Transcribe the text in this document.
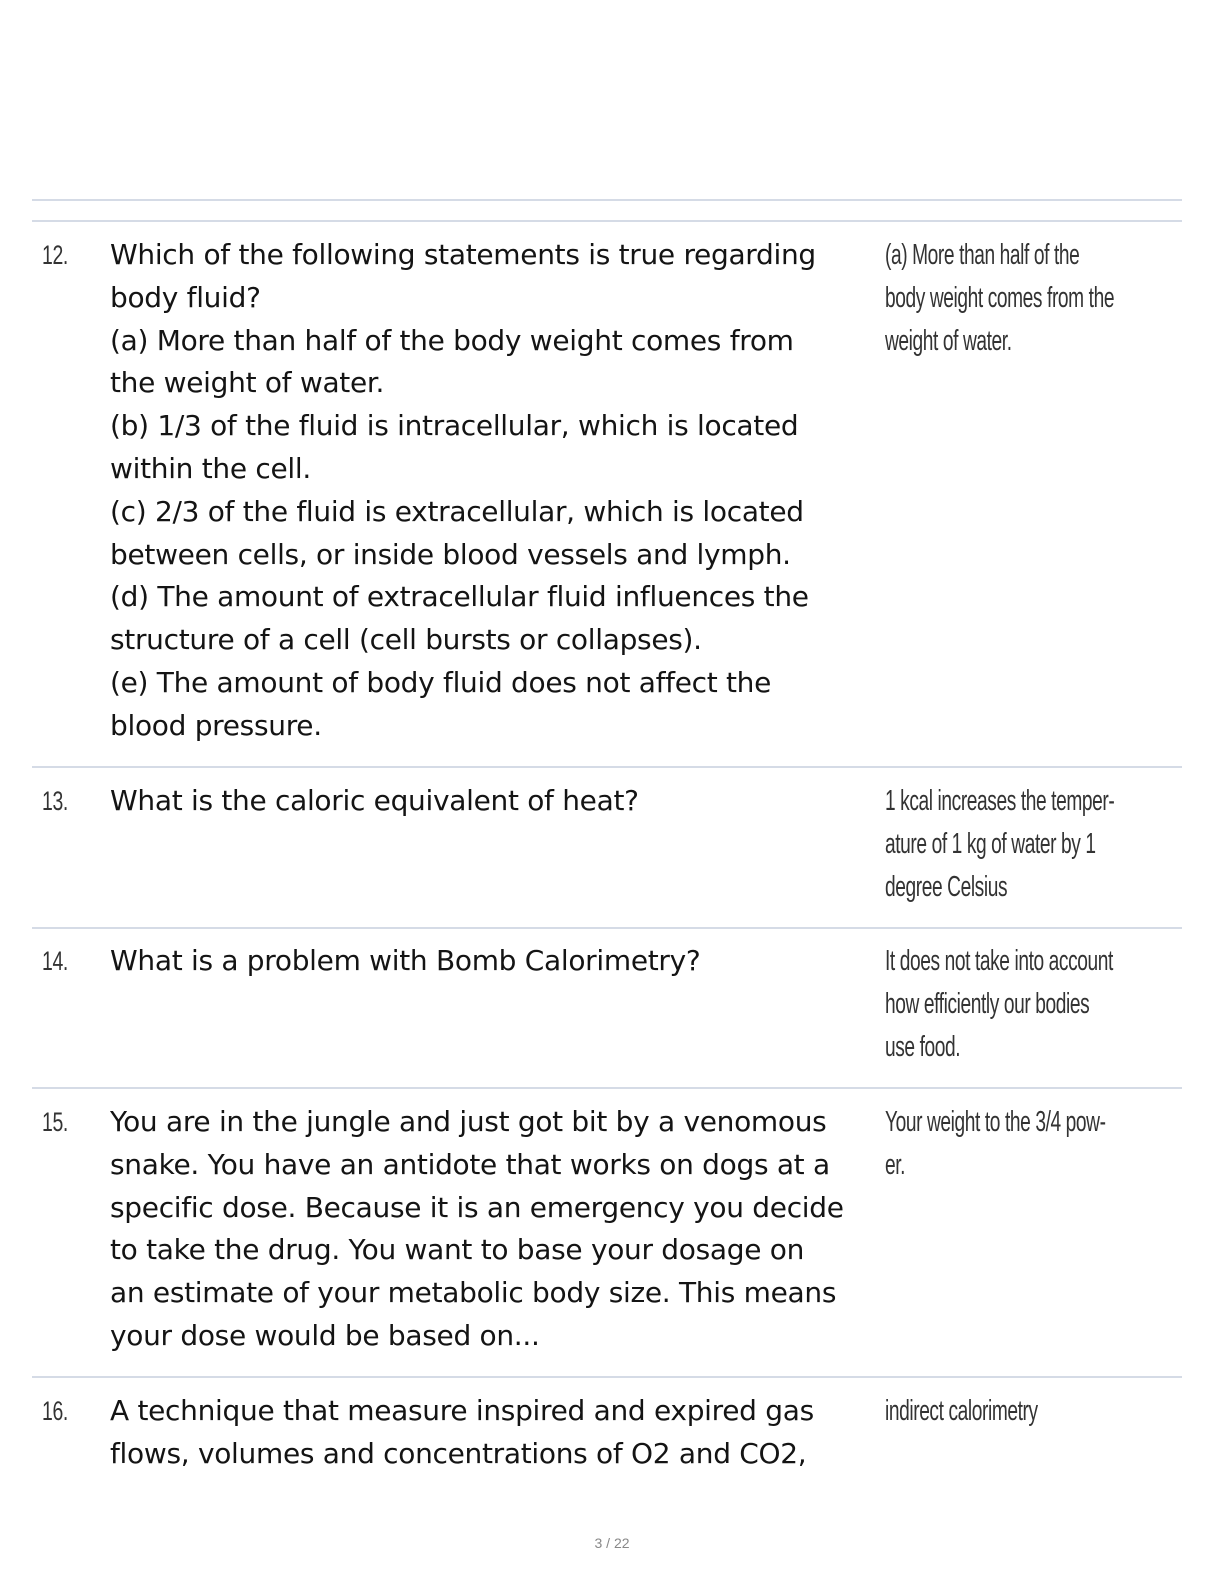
12. Which of the following statements is true regarding
body fluid?
(a) More than half of the body weight comes from
the weight of water.
(b) 1/3 of the fluid is intracellular, which is located
within the cell.
(c) 2/3 of the fluid is extracellular, which is located
between cells, or inside blood vessels and lymph.
(d) The amount of extracellular fluid influences the
structure of a cell (cell bursts or collapses).
(e) The amount of body fluid does not affect the
blood pressure.

(a) More than half of the
body weight comes from the
weight of water.
13. What is the caloric equivalent of heat?	1 kcal increases the temper-
ature of 1 kg of water by 1
degree Celsius
14. What is a problem with Bomb Calorimetry?	It does not take into account
how efficiently our bodies
use food.
15. You are in the jungle and just got bit by a venomous
snake. You have an antidote that works on dogs at a
specific dose. Because it is an emergency you decide
to take the drug. You want to base your dosage on
an estimate of your metabolic body size. This means
your dose would be based on...

Your weight to the 3/4 pow-
er.
16. A technique that measure inspired and expired gas
flows, volumes and concentrations of O2 and CO2,

indirect calorimetry
3 / 22
